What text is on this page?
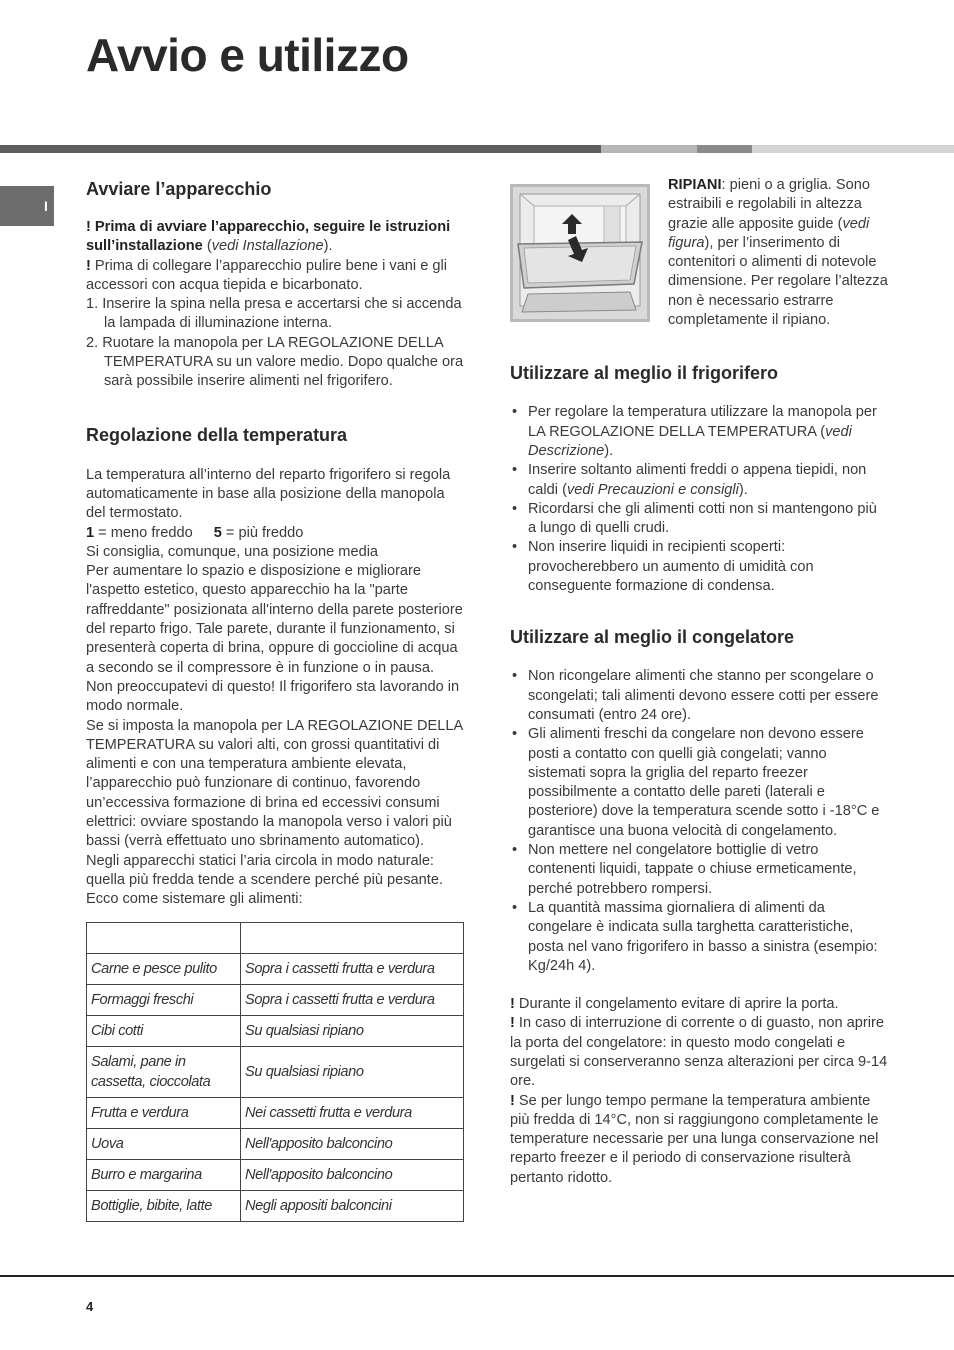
Avvio e utilizzo
I
Avviare l’apparecchio

! Prima di avviare l’apparecchio, seguire le istruzioni sull’installazione (vedi Installazione).

! Prima di collegare l’apparecchio pulire bene i vani e gli accessori con acqua tiepida e bicarbonato.

1. Inserire la spina nella presa e accertarsi che si accenda la lampada di illuminazione interna.
2. Ruotare la manopola per LA REGOLAZIONE DELLA TEMPERATURA su un valore medio. Dopo qualche ora sarà possibile inserire alimenti nel frigorifero.
Regolazione della temperatura

La temperatura all’interno del reparto frigorifero si regola automaticamente in base alla posizione della manopola del termostato.

1 = meno freddo 5 = più freddo

Si consiglia, comunque, una posizione media

Per aumentare lo spazio e disposizione e migliorare l'aspetto estetico, questo apparecchio ha la "parte raffreddante" posizionata all'interno della parete posteriore del reparto frigo. Tale parete, durante il funzionamento, si presenterà coperta di brina, oppure di goccioline di acqua a secondo se il compressore è in funzione o in pausa. Non preoccupatevi di questo! Il frigorifero sta lavorando in modo normale.

Se si imposta la manopola per LA REGOLAZIONE DELLA TEMPERATURA su valori alti, con grossi quantitativi di alimenti e con una temperatura ambiente elevata, l’apparecchio può funzionare di continuo, favorendo un’eccessiva formazione di brina ed eccessivi consumi elettrici: ovviare spostando la manopola verso i valori più bassi (verrà effettuato uno sbrinamento automatico).

Negli apparecchi statici l’aria circola in modo naturale: quella più fredda tende a scendere perché più pesante. Ecco come sistemare gli alimenti:

Carne e pesce pulito	Sopra i cassetti frutta e verdura
Formaggi freschi	Sopra i cassetti frutta e verdura
Cibi cotti	Su qualsiasi ripiano
Salami, pane in cassetta, cioccolata	Su qualsiasi ripiano
Frutta e verdura	Nei cassetti frutta e verdura
Uova	Nell'apposito balconcino
Burro e margarina	Nell'apposito balconcino
Bottiglie, bibite, latte	Negli appositi balconcini

RIPIANI: pieni o a griglia. Sono estraibili e regolabili in altezza grazie alle apposite guide (vedi figura), per l’inserimento di contenitori o alimenti di notevole dimensione. Per regolare l’altezza non è necessario estrarre completamente il ripiano.

Utilizzare al meglio il frigorifero
• Per regolare la temperatura utilizzare la manopola per LA REGOLAZIONE DELLA TEMPERATURA (vedi Descrizione).
• Inserire soltanto alimenti freddi o appena tiepidi, non caldi (vedi Precauzioni e consigli).
• Ricordarsi che gli alimenti cotti non si mantengono più a lungo di quelli crudi.
• Non inserire liquidi in recipienti scoperti: provocherebbero un aumento di umidità con conseguente formazione di condensa.
Utilizzare al meglio il congelatore
• Non ricongelare alimenti che stanno per scongelare o scongelati; tali alimenti devono essere cotti per essere consumati (entro 24 ore).
• Gli alimenti freschi da congelare non devono essere posti a contatto con quelli già congelati; vanno sistemati sopra la griglia del reparto freezer possibilmente a contatto delle pareti (laterali e posteriore) dove la temperatura scende sotto i -18°C e garantisce una buona velocità di congelamento.
• Non mettere nel congelatore bottiglie di vetro contenenti liquidi, tappate o chiuse ermeticamente, perché potrebbero rompersi.
• La quantità massima giornaliera di alimenti da congelare è indicata sulla targhetta caratteristiche, posta nel vano frigorifero in basso a sinistra (esempio: Kg/24h 4).

! Durante il congelamento evitare di aprire la porta.

! In caso di interruzione di corrente o di guasto, non aprire la porta del congelatore: in questo modo congelati e surgelati si conserveranno senza alterazioni per circa 9-14 ore.

! Se per lungo tempo permane la temperatura ambiente più fredda di 14°C, non si raggiungono completamente le temperature necessarie per una lunga conservazione nel reparto freezer e il periodo di conservazione risulterà pertanto ridotto.

4
